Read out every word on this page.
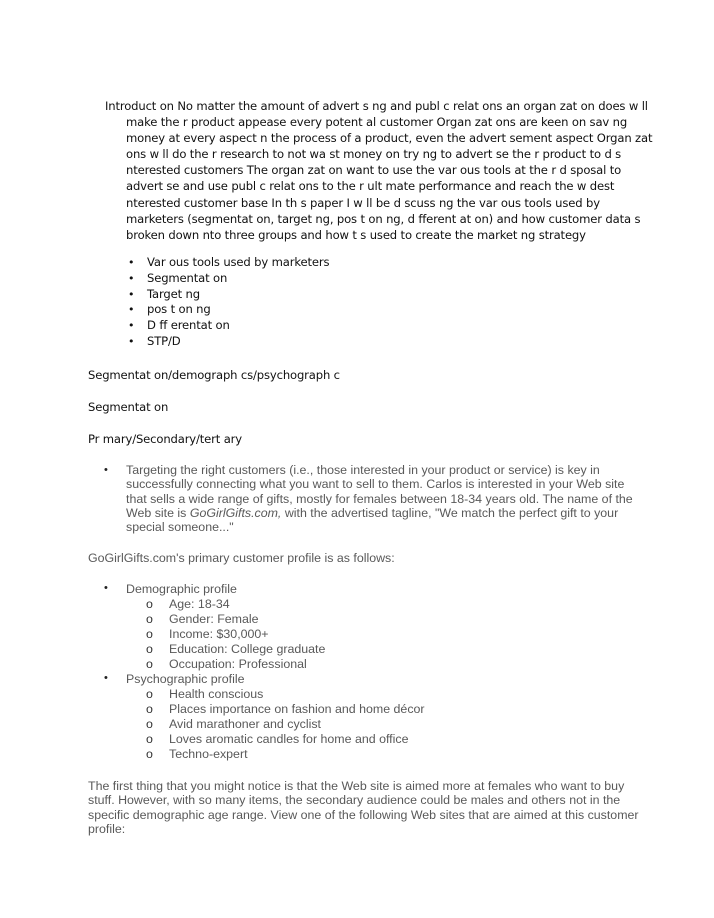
Introduct on No matter the amount of advert s ng and publ c relat ons an organ zat on does w ll make the r product appease every potent al customer Organ zat ons are keen on sav ng money at every aspect n the process of a product, even the advert sement aspect Organ zat ons w ll do the r research to not wa st money on try ng to advert se the r product to d s nterested customers The organ zat on want to use the var ous tools at the r d sposal to advert se and use publ c relat ons to the r ult mate performance and reach the w dest nterested customer base In th s paper I w ll be d scuss ng the var ous tools used by marketers (segmentat on, target ng, pos t on ng, d fferent at on) and how customer data s broken down nto three groups and how t s used to create the market ng strategy
• Var ous tools used by marketers
• Segmentat on
• Target ng
• pos t on ng
• D ff erentat on
• STP/D
Segmentat on/demograph cs/psychograph c
Segmentat on
Pr mary/Secondary/tert ary
• Targeting the right customers (i.e., those interested in your product or service) is key in successfully connecting what you want to sell to them. Carlos is interested in your Web site that sells a wide range of gifts, mostly for females between 18-34 years old. The name of the Web site is GoGirlGifts.com, with the advertised tagline, "We match the perfect gift to your special someone..."
GoGirlGifts.com's primary customer profile is as follows:
• Demographic profile
o Age: 18-34
o Gender: Female
o Income: $30,000+
o Education: College graduate
o Occupation: Professional
• Psychographic profile
o Health conscious
o Places importance on fashion and home décor
o Avid marathoner and cyclist
o Loves aromatic candles for home and office
o Techno-expert
The first thing that you might notice is that the Web site is aimed more at females who want to buy stuff. However, with so many items, the secondary audience could be males and others not in the specific demographic age range. View one of the following Web sites that are aimed at this customer profile:
